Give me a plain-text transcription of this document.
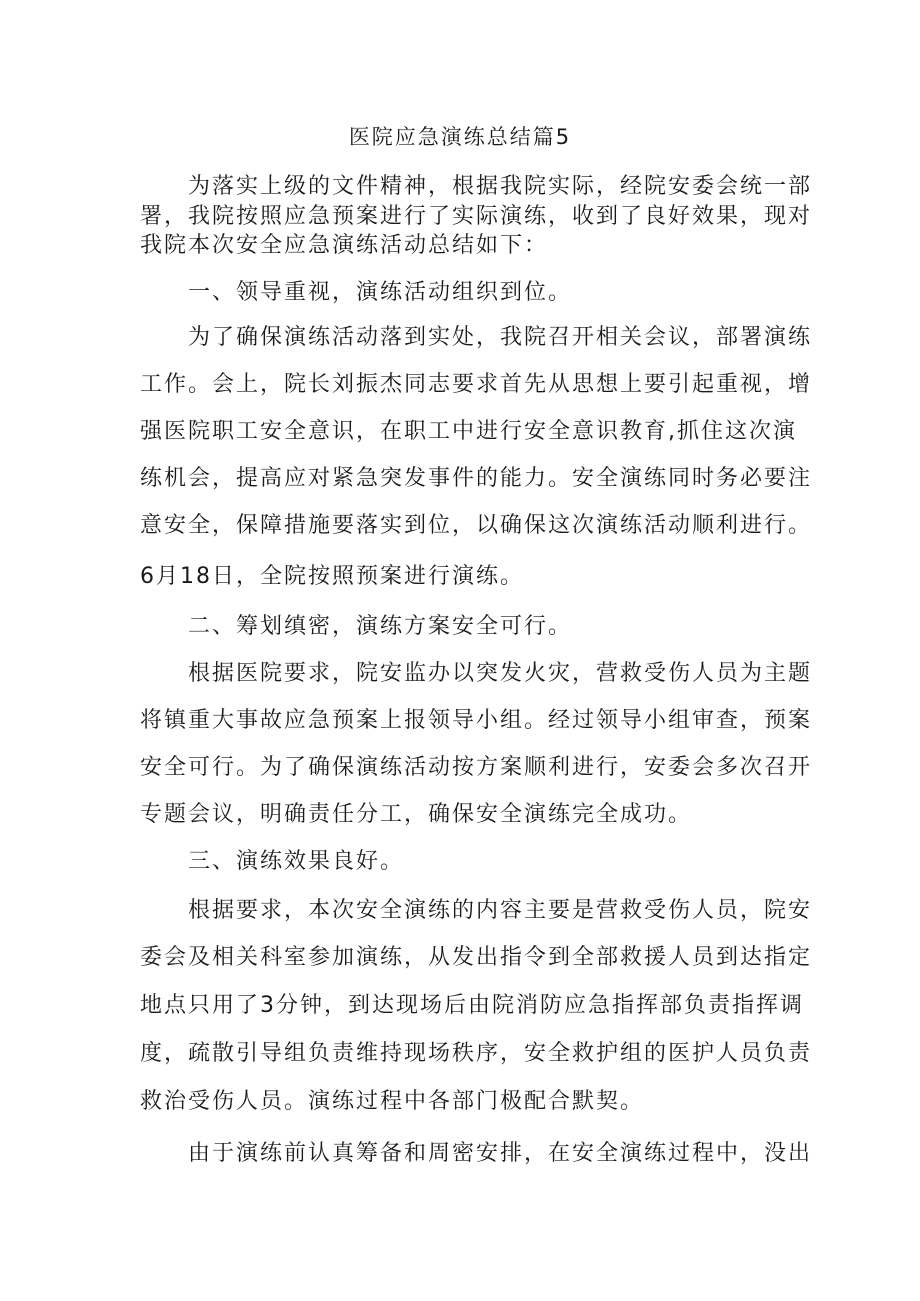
医院应急演练总结篇5
为落实上级的文件精神，根据我院实际，经院安委会统一部
署，我院按照应急预案进行了实际演练，收到了良好效果，现对
我院本次安全应急演练活动总结如下：
一、领导重视，演练活动组织到位。
为了确保演练活动落到实处，我院召开相关会议，部署演练
工作。会上，院长刘振杰同志要求首先从思想上要引起重视，增
强医院职工安全意识，在职工中进行安全意识教育,抓住这次演
练机会，提高应对紧急突发事件的能力。安全演练同时务必要注
意安全，保障措施要落实到位，以确保这次演练活动顺利进行。
6月18日，全院按照预案进行演练。
二、筹划缜密，演练方案安全可行。
根据医院要求，院安监办以突发火灾，营救受伤人员为主题
将镇重大事故应急预案上报领导小组。经过领导小组审查，预案
安全可行。为了确保演练活动按方案顺利进行，安委会多次召开
专题会议，明确责任分工，确保安全演练完全成功。
三、演练效果良好。
根据要求，本次安全演练的内容主要是营救受伤人员，院安
委会及相关科室参加演练，从发出指令到全部救援人员到达指定
地点只用了3分钟，到达现场后由院消防应急指挥部负责指挥调
度，疏散引导组负责维持现场秩序，安全救护组的医护人员负责
救治受伤人员。演练过程中各部门极配合默契。
由于演练前认真筹备和周密安排，在安全演练过程中，没出
